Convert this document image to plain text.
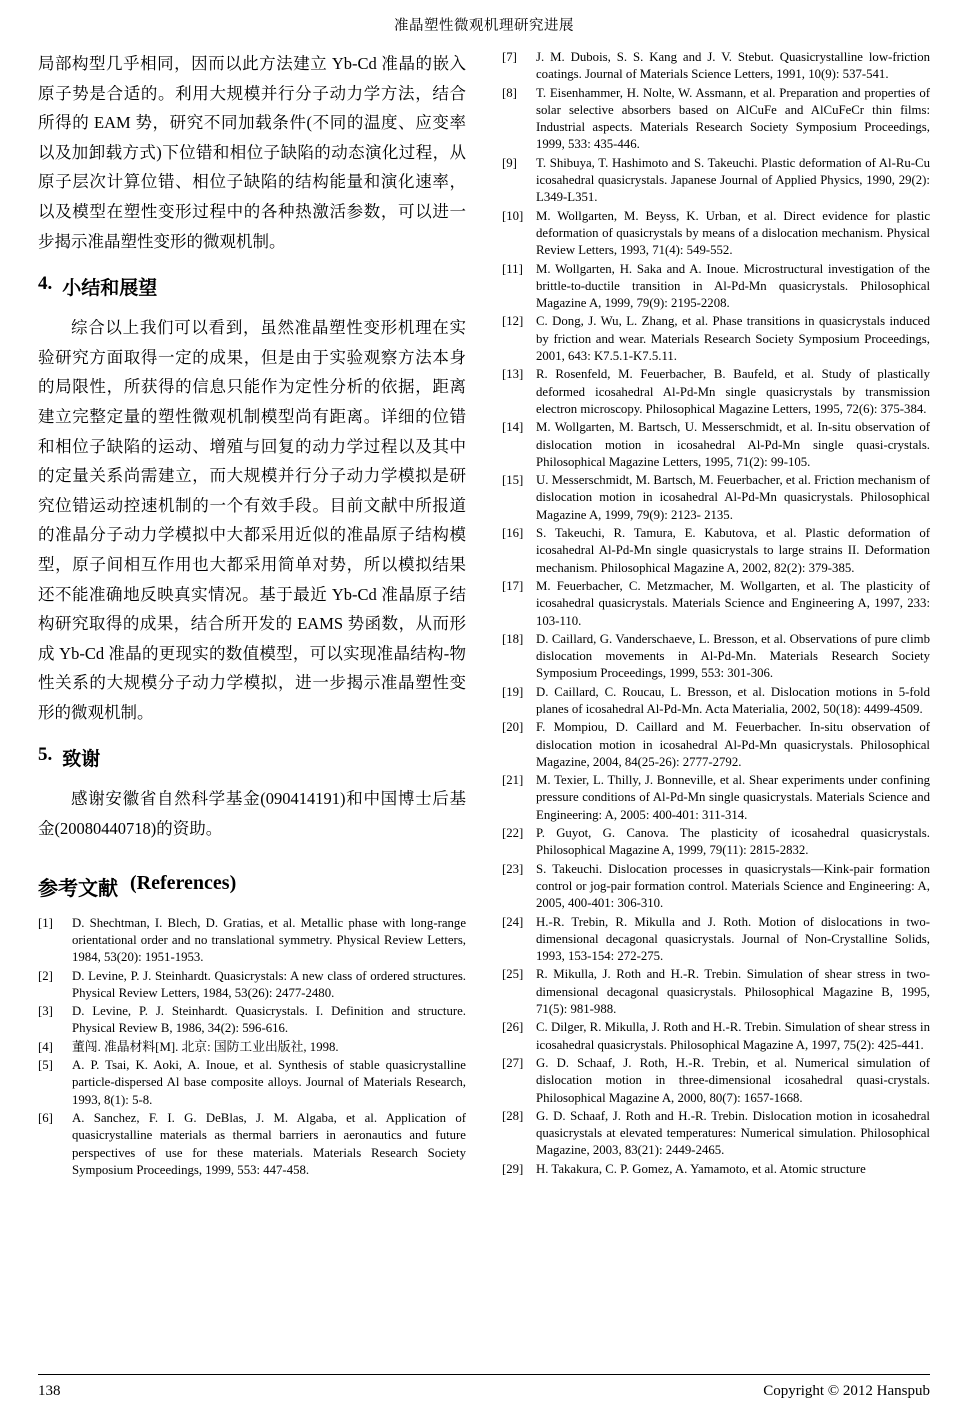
准晶塑性微观机理研究进展

局部构型几乎相同，因而以此方法建立 Yb-Cd 准晶的嵌入原子势是合适的。利用大规模并行分子动力学方法，结合所得的 EAM 势，研究不同加载条件(不同的温度、应变率以及加卸载方式)下位错和相位子缺陷的动态演化过程，从原子层次计算位错、相位子缺陷的结构能量和演化速率，以及模型在塑性变形过程中的各种热激活参数，可以进一步揭示准晶塑性变形的微观机制。

4. 小结和展望

综合以上我们可以看到，虽然准晶塑性变形机理在实验研究方面取得一定的成果，但是由于实验观察方法本身的局限性，所获得的信息只能作为定性分析的依据，距离建立完整定量的塑性微观机制模型尚有距离。详细的位错和相位子缺陷的运动、增殖与回复的动力学过程以及其中的定量关系尚需建立，而大规模并行分子动力学模拟是研究位错运动控速机制的一个有效手段。目前文献中所报道的准晶分子动力学模拟中大都采用近似的准晶原子结构模型，原子间相互作用也大都采用简单对势，所以模拟结果还不能准确地反映真实情况。基于最近 Yb-Cd 准晶原子结构研究取得的成果，结合所开发的 EAMS 势函数，从而形成 Yb-Cd 准晶的更现实的数值模型，可以实现准晶结构-物性关系的大规模分子动力学模拟，进一步揭示准晶塑性变形的微观机制。

5. 致谢

感谢安徽省自然科学基金(090414191)和中国博士后基金(20080440718)的资助。

参考文献 (References)
[1]	D. Shechtman, I. Blech, D. Gratias, et al. Metallic phase with long-range orientational order and no translational symmetry. Physical Review Letters, 1984, 53(20): 1951-1953.
[2]	D. Levine, P. J. Steinhardt. Quasicrystals: A new class of ordered structures. Physical Review Letters, 1984, 53(26): 2477-2480.
[3]	D. Levine, P. J. Steinhardt. Quasicrystals. I. Definition and structure. Physical Review B, 1986, 34(2): 596-616.
[4]	董闯. 准晶材料[M]. 北京: 国防工业出版社, 1998.
[5]	A. P. Tsai, K. Aoki, A. Inoue, et al. Synthesis of stable quasicrystalline particle-dispersed Al base composite alloys. Journal of Materials Research, 1993, 8(1): 5-8.
[6]	A. Sanchez, F. I. G. DeBlas, J. M. Algaba, et al. Application of quasicrystalline materials as thermal barriers in aeronautics and future perspectives of use for these materials. Materials Research Society Symposium Proceedings, 1999, 553: 447-458.
[7]	J. M. Dubois, S. S. Kang and J. V. Stebut. Quasicrystalline low-friction coatings. Journal of Materials Science Letters, 1991, 10(9): 537-541.
[8]	T. Eisenhammer, H. Nolte, W. Assmann, et al. Preparation and properties of solar selective absorbers based on AlCuFe and AlCuFeCr thin films: Industrial aspects. Materials Research Society Symposium Proceedings, 1999, 533: 435-446.
[9]	T. Shibuya, T. Hashimoto and S. Takeuchi. Plastic deformation of Al-Ru-Cu icosahedral quasicrystals. Japanese Journal of Applied Physics, 1990, 29(2): L349-L351.
[10] M. Wollgarten, M. Beyss, K. Urban, et al. Direct evidence for plastic deformation of quasicrystals by means of a dislocation mechanism. Physical Review Letters, 1993, 71(4): 549-552.
[11]	M. Wollgarten, H. Saka and A. Inoue. Microstructural investigation of the brittle-to-ductile transition in Al-Pd-Mn quasicrystals. Philosophical Magazine A, 1999, 79(9): 2195-2208.
[12] C. Dong, J. Wu, L. Zhang, et al. Phase transitions in quasicrystals induced by friction and wear. Materials Research Society Symposium Proceedings, 2001, 643: K7.5.1-K7.5.11.
[13] R. Rosenfeld, M. Feuerbacher, B. Baufeld, et al. Study of plastically deformed icosahedral Al-Pd-Mn single quasicrystals by transmission electron microscopy. Philosophical Magazine Letters, 1995, 72(6): 375-384.
[14] M. Wollgarten, M. Bartsch, U. Messerschmidt, et al. In-situ observation of dislocation motion in icosahedral Al-Pd-Mn single quasi-crystals. Philosophical Magazine Letters, 1995, 71(2): 99-105.
[15] U. Messerschmidt, M. Bartsch, M. Feuerbacher, et al. Friction mechanism of dislocation motion in icosahedral Al-Pd-Mn quasicrystals. Philosophical Magazine A, 1999, 79(9): 2123- 2135.
[16] S. Takeuchi, R. Tamura, E. Kabutova, et al. Plastic deformation of icosahedral Al-Pd-Mn single quasicrystals to large strains II. Deformation mechanism. Philosophical Magazine A, 2002, 82(2): 379-385.
[17] M. Feuerbacher, C. Metzmacher, M. Wollgarten, et al. The plasticity of icosahedral quasicrystals. Materials Science and Engineering A, 1997, 233: 103-110.
[18] D. Caillard, G. Vanderschaeve, L. Bresson, et al. Observations of pure climb dislocation movements in Al-Pd-Mn. Materials Research Society Symposium Proceedings, 1999, 553: 301-306.
[19] D. Caillard, C. Roucau, L. Bresson, et al. Dislocation motions in 5-fold planes of icosahedral Al-Pd-Mn. Acta Materialia, 2002, 50(18): 4499-4509.
[20] F. Mompiou, D. Caillard and M. Feuerbacher. In-situ observation of dislocation motion in icosahedral Al-Pd-Mn quasicrystals. Philosophical Magazine, 2004, 84(25-26): 2777-2792.
[21] M. Texier, L. Thilly, J. Bonneville, et al. Shear experiments under confining pressure conditions of Al-Pd-Mn single quasicrystals. Materials Science and Engineering: A, 2005: 400-401: 311-314.
[22] P. Guyot, G. Canova. The plasticity of icosahedral quasicrystals. Philosophical Magazine A, 1999, 79(11): 2815-2832.
[23] S. Takeuchi. Dislocation processes in quasicrystals—Kink-pair formation control or jog-pair formation control. Materials Science and Engineering: A, 2005, 400-401: 306-310.
[24] H.-R. Trebin, R. Mikulla and J. Roth. Motion of dislocations in two-dimensional decagonal quasicrystals. Journal of Non-Crystalline Solids, 1993, 153-154: 272-275.
[25] R. Mikulla, J. Roth and H.-R. Trebin. Simulation of shear stress in two-dimensional decagonal quasicrystals. Philosophical Magazine B, 1995, 71(5): 981-988.
[26] C. Dilger, R. Mikulla, J. Roth and H.-R. Trebin. Simulation of shear stress in icosahedral quasicrystals. Philosophical Magazine A, 1997, 75(2): 425-441.
[27] G. D. Schaaf, J. Roth, H.-R. Trebin, et al. Numerical simulation of dislocation motion in three-dimensional icosahedral quasi-crystals. Philosophical Magazine A, 2000, 80(7): 1657-1668.
[28] G. D. Schaaf, J. Roth and H.-R. Trebin. Dislocation motion in icosahedral quasicrystals at elevated temperatures: Numerical simulation. Philosophical Magazine, 2003, 83(21): 2449-2465.
[29] H. Takakura, C. P. Gomez, A. Yamamoto, et al. Atomic structure
138	Copyright © 2012 Hanspub
